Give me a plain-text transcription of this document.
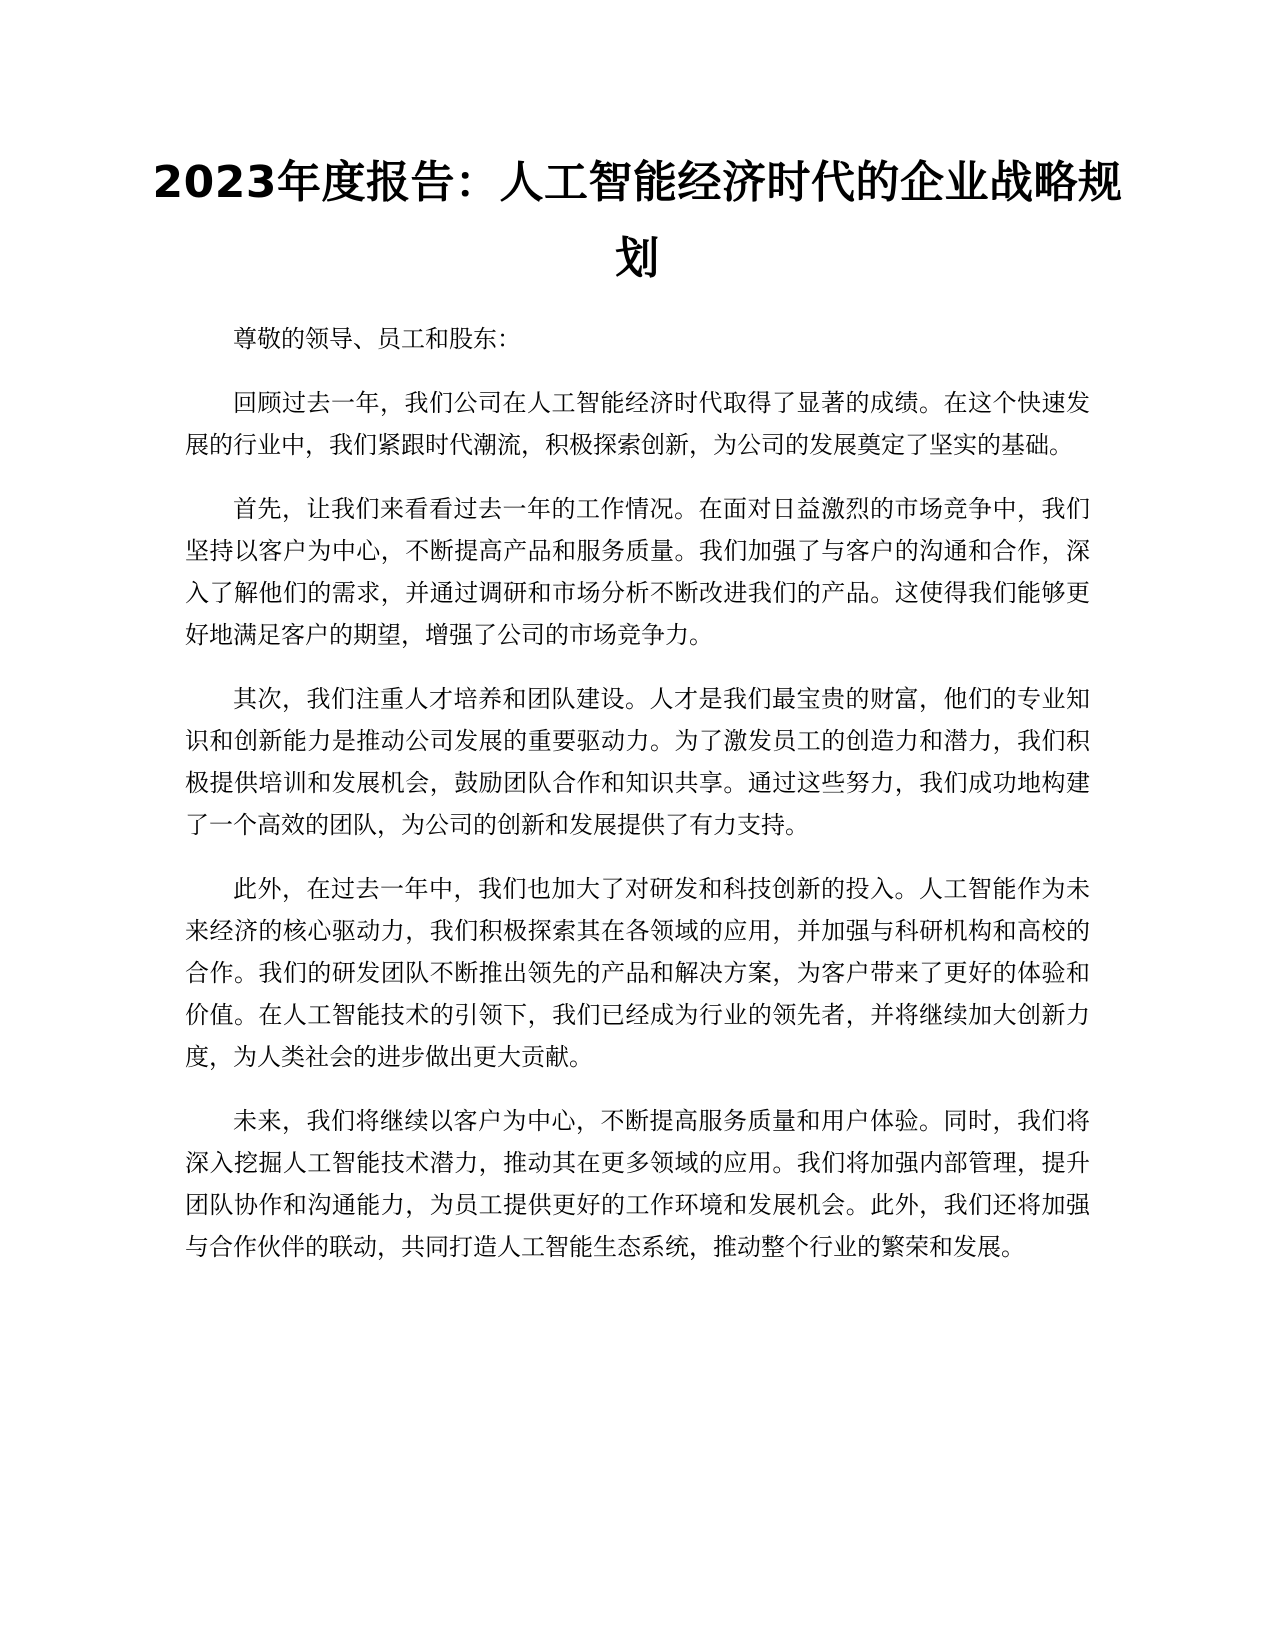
2023年度报告：人工智能经济时代的企业战略规划

尊敬的领导、员工和股东：

回顾过去一年，我们公司在人工智能经济时代取得了显著的成绩。在这个快速发展的行业中，我们紧跟时代潮流，积极探索创新，为公司的发展奠定了坚实的基础。

首先，让我们来看看过去一年的工作情况。在面对日益激烈的市场竞争中，我们坚持以客户为中心，不断提高产品和服务质量。我们加强了与客户的沟通和合作，深入了解他们的需求，并通过调研和市场分析不断改进我们的产品。这使得我们能够更好地满足客户的期望，增强了公司的市场竞争力。

其次，我们注重人才培养和团队建设。人才是我们最宝贵的财富，他们的专业知识和创新能力是推动公司发展的重要驱动力。为了激发员工的创造力和潜力，我们积极提供培训和发展机会，鼓励团队合作和知识共享。通过这些努力，我们成功地构建了一个高效的团队，为公司的创新和发展提供了有力支持。

此外，在过去一年中，我们也加大了对研发和科技创新的投入。人工智能作为未来经济的核心驱动力，我们积极探索其在各领域的应用，并加强与科研机构和高校的合作。我们的研发团队不断推出领先的产品和解决方案，为客户带来了更好的体验和价值。在人工智能技术的引领下，我们已经成为行业的领先者，并将继续加大创新力度，为人类社会的进步做出更大贡献。

未来，我们将继续以客户为中心，不断提高服务质量和用户体验。同时，我们将深入挖掘人工智能技术潜力，推动其在更多领域的应用。我们将加强内部管理，提升团队协作和沟通能力，为员工提供更好的工作环境和发展机会。此外，我们还将加强与合作伙伴的联动，共同打造人工智能生态系统，推动整个行业的繁荣和发展。
